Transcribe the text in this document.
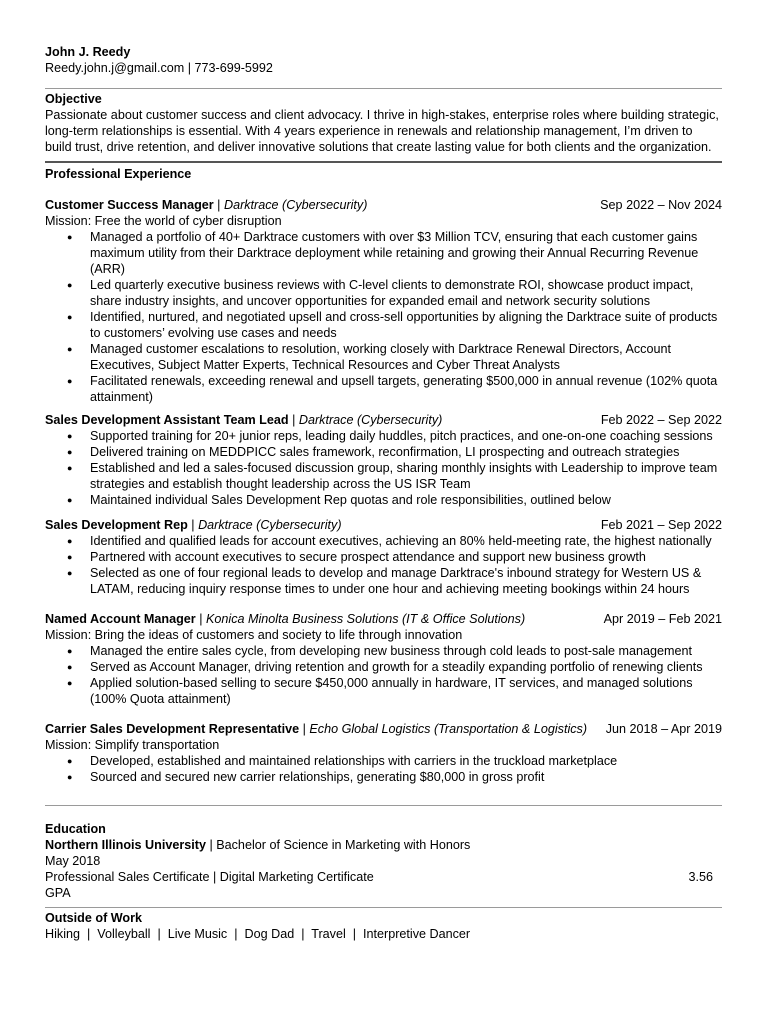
John J. Reedy
Reedy.john.j@gmail.com | 773-699-5992
Objective
Passionate about customer success and client advocacy. I thrive in high-stakes, enterprise roles where building strategic, long-term relationships is essential. With 4 years experience in renewals and relationship management, I’m driven to build trust, drive retention, and deliver innovative solutions that create lasting value for both clients and the organization.
Professional Experience
Customer Success Manager | Darktrace (Cybersecurity)	Sep 2022 – Nov 2024
Mission: Free the world of cyber disruption
● Managed a portfolio of 40+ Darktrace customers with over $3 Million TCV, ensuring that each customer gains maximum utility from their Darktrace deployment while retaining and growing their Annual Recurring Revenue (ARR)
● Led quarterly executive business reviews with C-level clients to demonstrate ROI, showcase product impact, share industry insights, and uncover opportunities for expanded email and network security solutions
● Identified, nurtured, and negotiated upsell and cross-sell opportunities by aligning the Darktrace suite of products to customers’ evolving use cases and needs
● Managed customer escalations to resolution, working closely with Darktrace Renewal Directors, Account Executives, Subject Matter Experts, Technical Resources and Cyber Threat Analysts
● Facilitated renewals, exceeding renewal and upsell targets, generating $500,000 in annual revenue (102% quota attainment)
Sales Development Assistant Team Lead | Darktrace (Cybersecurity)	Feb 2022 – Sep 2022
● Supported training for 20+ junior reps, leading daily huddles, pitch practices, and one-on-one coaching sessions
● Delivered training on MEDDPICC sales framework, reconfirmation, LI prospecting and outreach strategies
● Established and led a sales-focused discussion group, sharing monthly insights with Leadership to improve team strategies and establish thought leadership across the US ISR Team
● Maintained individual Sales Development Rep quotas and role responsibilities, outlined below
Sales Development Rep | Darktrace (Cybersecurity)	Feb 2021 – Sep 2022
● Identified and qualified leads for account executives, achieving an 80% held-meeting rate, the highest nationally
● Partnered with account executives to secure prospect attendance and support new business growth
● Selected as one of four regional leads to develop and manage Darktrace's inbound strategy for Western US & LATAM, reducing inquiry response times to under one hour and achieving meeting bookings within 24 hours
Named Account Manager | Konica Minolta Business Solutions (IT & Office Solutions)	Apr 2019 – Feb 2021
Mission: Bring the ideas of customers and society to life through innovation
● Managed the entire sales cycle, from developing new business through cold leads to post-sale management
● Served as Account Manager, driving retention and growth for a steadily expanding portfolio of renewing clients
● Applied solution-based selling to secure $450,000 annually in hardware, IT services, and managed solutions (100% Quota attainment)
Carrier Sales Development Representative | Echo Global Logistics (Transportation & Logistics) Jun 2018 – Apr 2019
Mission: Simplify transportation
● Developed, established and maintained relationships with carriers in the truckload marketplace
● Sourced and secured new carrier relationships, generating $80,000 in gross profit
Education
Northern Illinois University | Bachelor of Science in Marketing with Honors
May 2018
Professional Sales Certificate | Digital Marketing Certificate	3.56
GPA
Outside of Work
Hiking  |  Volleyball  |  Live Music  |  Dog Dad  |  Travel  |  Interpretive Dancer
